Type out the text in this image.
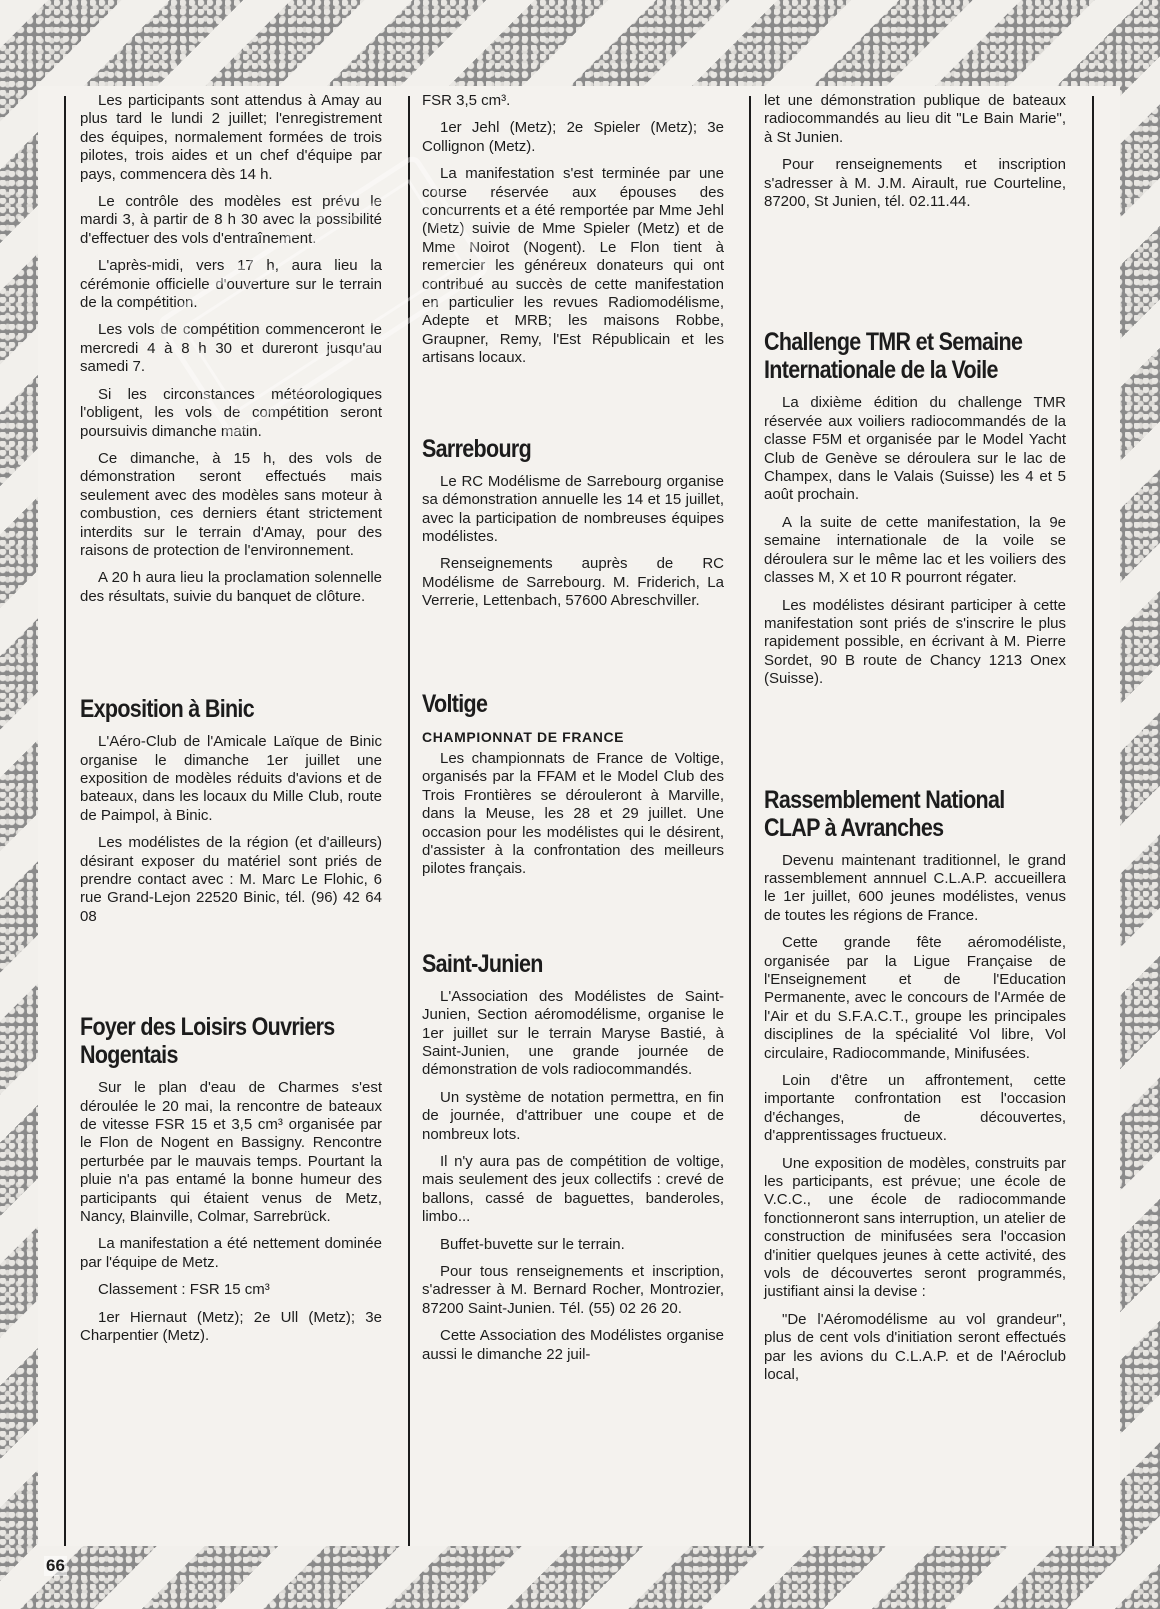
Les participants sont attendus à Amay au plus tard le lundi 2 juillet; l'enregistrement des équipes, normalement formées de trois pilotes, trois aides et un chef d'équipe par pays, commencera dès 14 h.

Le contrôle des modèles est prévu le mardi 3, à partir de 8 h 30 avec la possibilité d'effectuer des vols d'entraînement.

L'après-midi, vers 17 h, aura lieu la cérémonie officielle d'ouverture sur le terrain de la compétition.

Les vols de compétition commenceront le mercredi 4 à 8 h 30 et dureront jusqu'au samedi 7.

Si les circonstances météorologiques l'obligent, les vols de compétition seront poursuivis dimanche matin.

Ce dimanche, à 15 h, des vols de démonstration seront effectués mais seulement avec des modèles sans moteur à combustion, ces derniers étant strictement interdits sur le terrain d'Amay, pour des raisons de protection de l'environnement.

A 20 h aura lieu la proclamation solennelle des résultats, suivie du banquet de clôture.

Exposition à Binic

L'Aéro-Club de l'Amicale Laïque de Binic organise le dimanche 1er juillet une exposition de modèles réduits d'avions et de bateaux, dans les locaux du Mille Club, route de Paimpol, à Binic.

Les modélistes de la région (et d'ailleurs) désirant exposer du matériel sont priés de prendre contact avec : M. Marc Le Flohic, 6 rue Grand-Lejon 22520 Binic, tél. (96) 42 64 08

Foyer des Loisirs Ouvriers
Nogentais

Sur le plan d'eau de Charmes s'est déroulée le 20 mai, la rencontre de bateaux de vitesse FSR 15 et 3,5 cm³ organisée par le Flon de Nogent en Bassigny. Rencontre perturbée par le mauvais temps. Pourtant la pluie n'a pas entamé la bonne humeur des participants qui étaient venus de Metz, Nancy, Blainville, Colmar, Sarrebrück.

La manifestation a été nettement dominée par l'équipe de Metz.

Classement : FSR 15 cm³

1er Hiernaut (Metz); 2e Ull (Metz); 3e Charpentier (Metz).

FSR 3,5 cm³.

1er Jehl (Metz); 2e Spieler (Metz); 3e Collignon (Metz).

La manifestation s'est terminée par une course réservée aux épouses des concurrents et a été remportée par Mme Jehl (Metz) suivie de Mme Spieler (Metz) et de Mme Noirot (Nogent). Le Flon tient à remercier les généreux donateurs qui ont contribué au succès de cette manifestation en particulier les revues Radiomodélisme, Adepte et MRB; les maisons Robbe, Graupner, Remy, l'Est Républicain et les artisans locaux.

Sarrebourg

Le RC Modélisme de Sarrebourg organise sa démonstration annuelle les 14 et 15 juillet, avec la participation de nombreuses équipes modélistes.

Renseignements auprès de RC Modélisme de Sarrebourg. M. Friderich, La Verrerie, Lettenbach, 57600 Abreschviller.

Voltige
CHAMPIONNAT DE FRANCE

Les championnats de France de Voltige, organisés par la FFAM et le Model Club des Trois Frontières se dérouleront à Marville, dans la Meuse, les 28 et 29 juillet. Une occasion pour les modélistes qui le désirent, d'assister à la confrontation des meilleurs pilotes français.

Saint-Junien

L'Association des Modélistes de Saint-Junien, Section aéromodélisme, organise le 1er juillet sur le terrain Maryse Bastié, à Saint-Junien, une grande journée de démonstration de vols radiocommandés.

Un système de notation permettra, en fin de journée, d'attribuer une coupe et de nombreux lots.

Il n'y aura pas de compétition de voltige, mais seulement des jeux collectifs : crevé de ballons, cassé de baguettes, banderoles, limbo...

Buffet-buvette sur le terrain.

Pour tous renseignements et inscription, s'adresser à M. Bernard Rocher, Montrozier, 87200 Saint-Junien. Tél. (55) 02 26 20.

Cette Association des Modélistes organise aussi le dimanche 22 juil-

let une démonstration publique de bateaux radiocommandés au lieu dit "Le Bain Marie", à St Junien.

Pour renseignements et inscription s'adresser à M. J.M. Airault, rue Courteline, 87200, St Junien, tél. 02.11.44.

Challenge TMR et Semaine
Internationale de la Voile

La dixième édition du challenge TMR réservée aux voiliers radiocommandés de la classe F5M et organisée par le Model Yacht Club de Genève se déroulera sur le lac de Champex, dans le Valais (Suisse) les 4 et 5 août prochain.

A la suite de cette manifestation, la 9e semaine internationale de la voile se déroulera sur le même lac et les voiliers des classes M, X et 10 R pourront régater.

Les modélistes désirant participer à cette manifestation sont priés de s'inscrire le plus rapidement possible, en écrivant à M. Pierre Sordet, 90 B route de Chancy 1213 Onex (Suisse).

Rassemblement National
CLAP à Avranches

Devenu maintenant traditionnel, le grand rassemblement annnuel C.L.A.P. accueillera le 1er juillet, 600 jeunes modélistes, venus de toutes les régions de France.

Cette grande fête aéromodéliste, organisée par la Ligue Française de l'Enseignement et de l'Education Permanente, avec le concours de l'Armée de l'Air et du S.F.A.C.T., groupe les principales disciplines de la spécialité Vol libre, Vol circulaire, Radiocommande, Minifusées.

Loin d'être un affrontement, cette importante confrontation est l'occasion d'échanges, de découvertes, d'apprentissages fructueux.

Une exposition de modèles, construits par les participants, est prévue; une école de V.C.C., une école de radiocommande fonctionneront sans interruption, un atelier de construction de minifusées sera l'occasion d'initier quelques jeunes à cette activité, des vols de découvertes seront programmés, justifiant ainsi la devise :

"De l'Aéromodélisme au vol grandeur", plus de cent vols d'initiation seront effectués par les avions du C.L.A.P. et de l'Aéroclub local,

66
